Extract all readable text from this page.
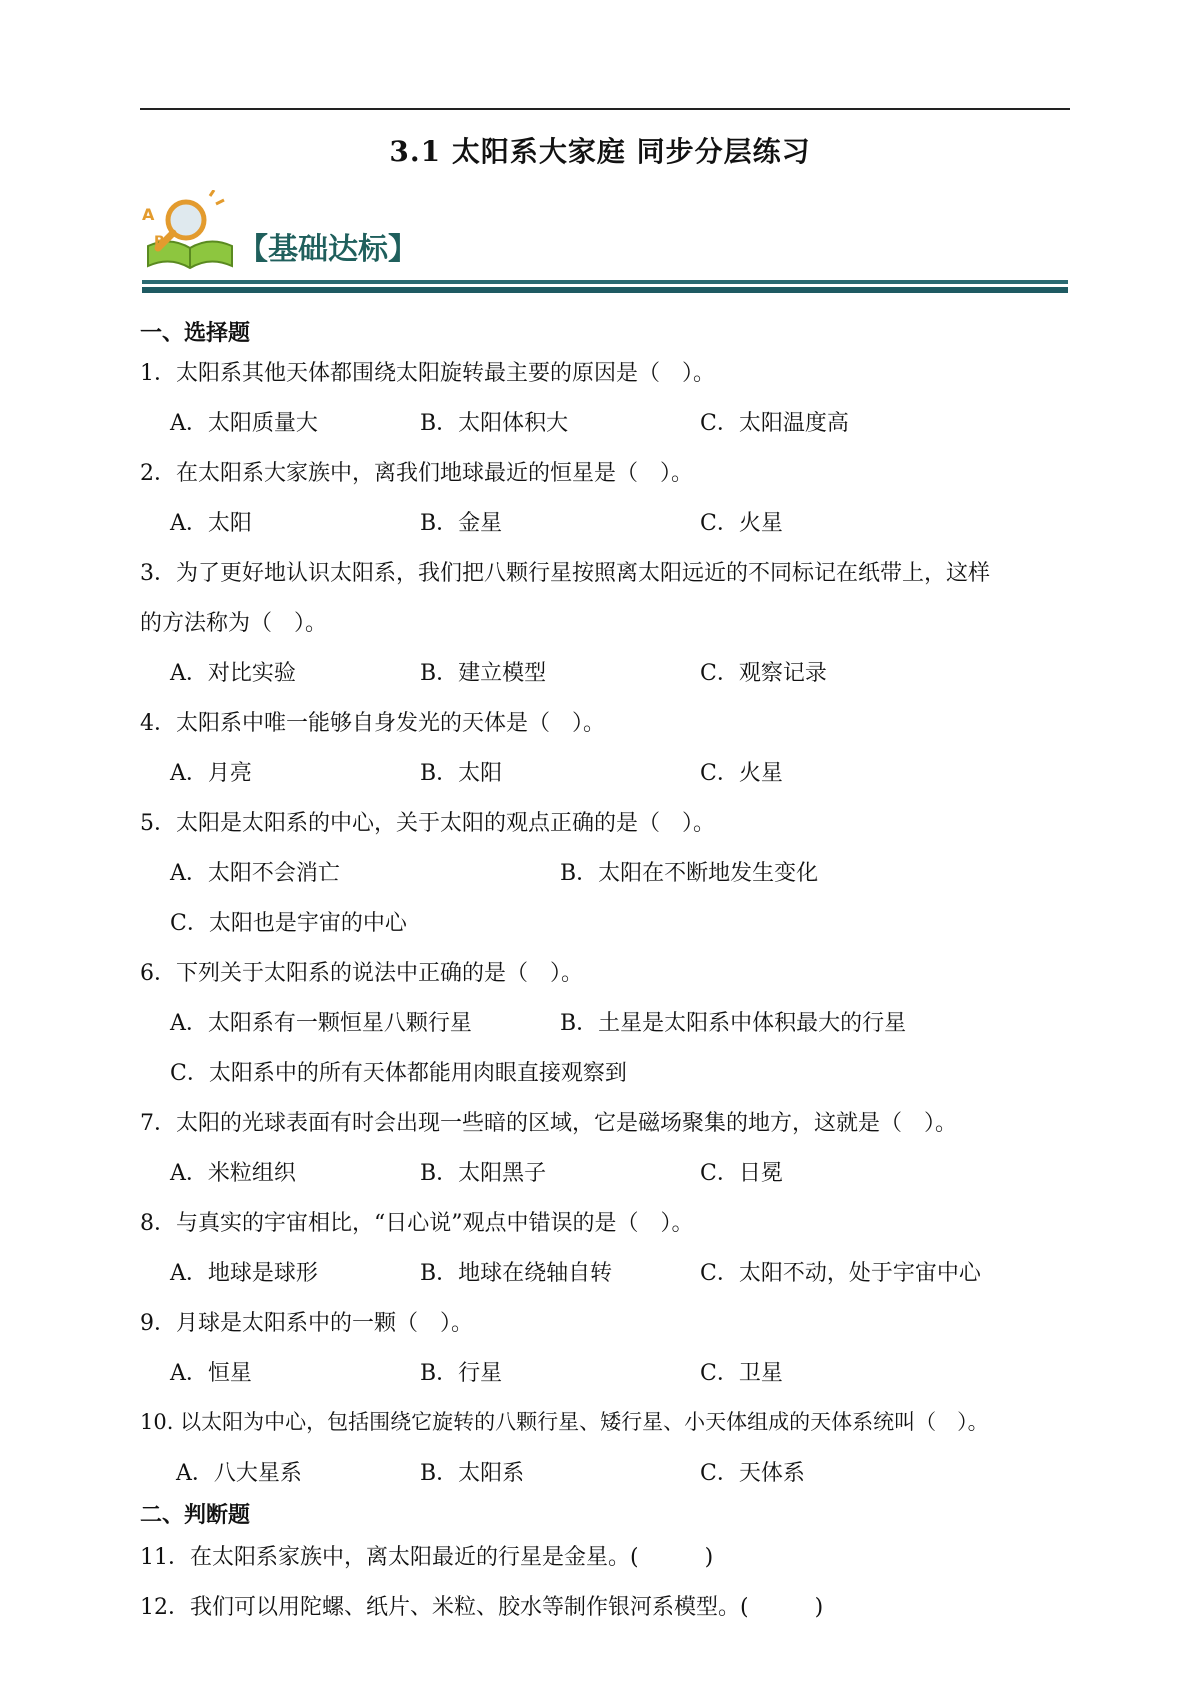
3.1 太阳系大家庭 同步分层练习
A
B 【基础达标】
一、选择题
1．太阳系其他天体都围绕太阳旋转最主要的原因是（　）。
A．太阳质量大	B．太阳体积大	C．太阳温度高
2．在太阳系大家族中，离我们地球最近的恒星是（　）。
A．太阳	B．金星	C．火星
3．为了更好地认识太阳系，我们把八颗行星按照离太阳远近的不同标记在纸带上，这样
的方法称为（　）。
A．对比实验	B．建立模型	C．观察记录
4．太阳系中唯一能够自身发光的天体是（　）。
A．月亮	B．太阳	C．火星
5．太阳是太阳系的中心，关于太阳的观点正确的是（　）。
A．太阳不会消亡	B．太阳在不断地发生变化
C．太阳也是宇宙的中心
6．下列关于太阳系的说法中正确的是（　）。
A．太阳系有一颗恒星八颗行星	B．土星是太阳系中体积最大的行星
C．太阳系中的所有天体都能用肉眼直接观察到
7．太阳的光球表面有时会出现一些暗的区域，它是磁场聚集的地方，这就是（　）。
A．米粒组织	B．太阳黑子	C．日冕
8．与真实的宇宙相比，“日心说”观点中错误的是（　）。
A．地球是球形	B．地球在绕轴自转	C．太阳不动，处于宇宙中心
9．月球是太阳系中的一颗（　）。
A．恒星	B．行星	C．卫星
10. 以太阳为中心，包括围绕它旋转的八颗行星、矮行星、小天体组成的天体系统叫（　）。
A．八大星系	B．太阳系	C．天体系
二、判断题
11．在太阳系家族中，离太阳最近的行星是金星。(　　　)
12．我们可以用陀螺、纸片、米粒、胶水等制作银河系模型。(　　　)
